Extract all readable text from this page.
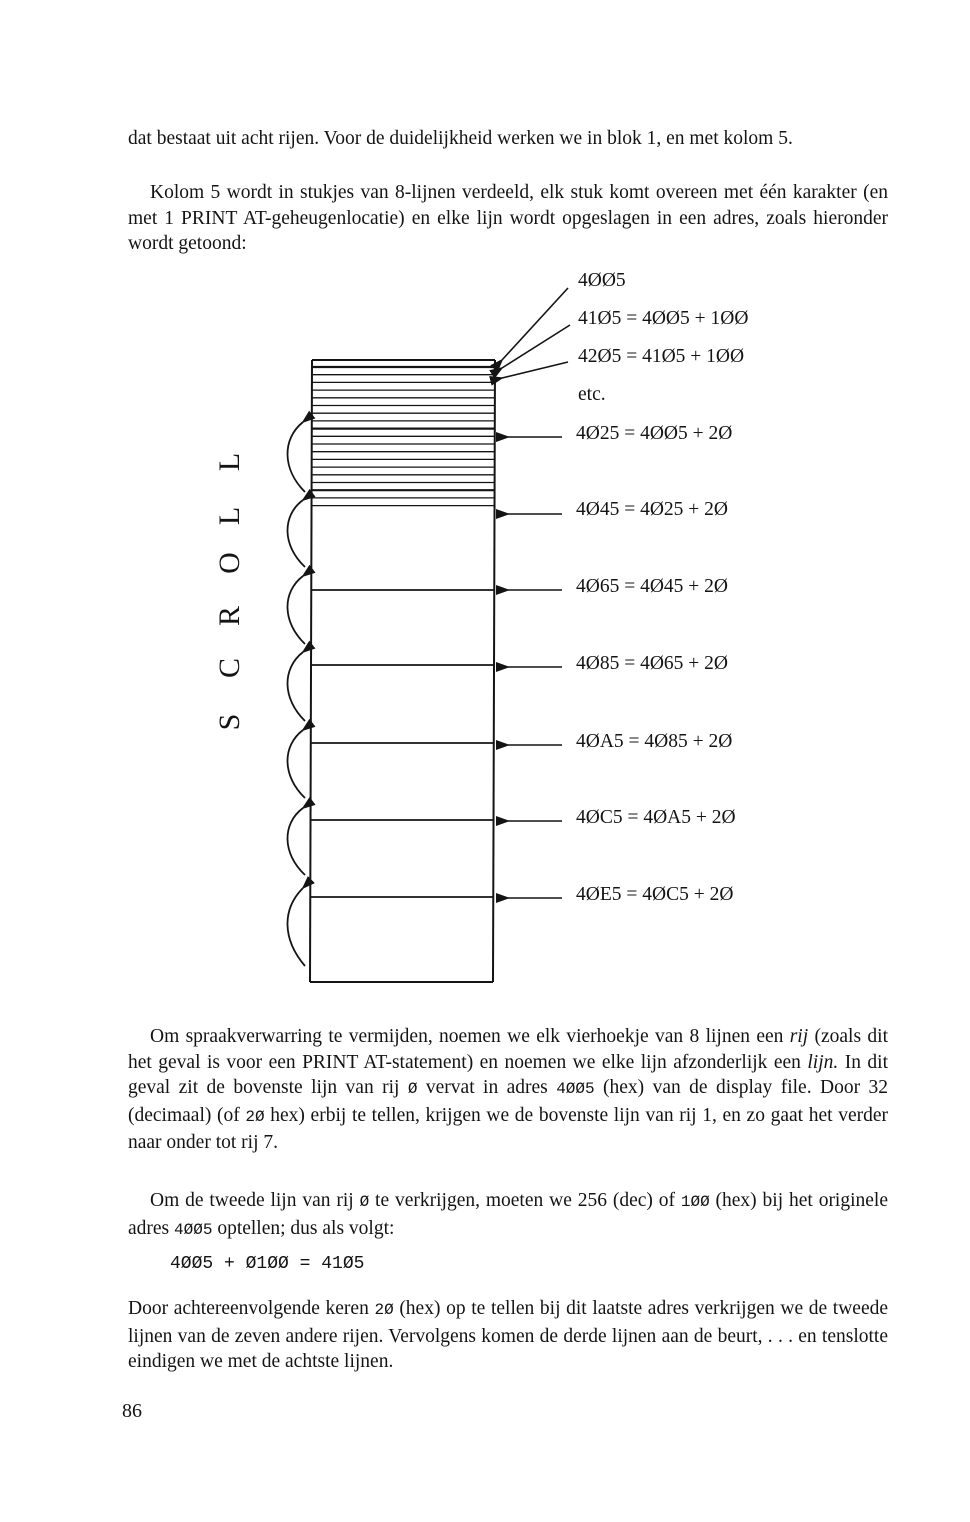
dat bestaat uit acht rijen. Voor de duidelijkheid werken we in blok 1, en met kolom 5.

Kolom 5 wordt in stukjes van 8-lijnen verdeeld, elk stuk komt overeen met één karakter (en met 1 PRINT AT-geheugenlocatie) en elke lijn wordt opgeslagen in een adres, zoals hieronder wordt getoond:

4ØØ5
41Ø5 = 4ØØ5 + 1ØØ
42Ø5 = 41Ø5 + 1ØØ
etc.
4Ø25 = 4ØØ5 + 2Ø
4Ø45 = 4Ø25 + 2Ø
4Ø65 = 4Ø45 + 2Ø
4Ø85 = 4Ø65 + 2Ø
4ØA5 = 4Ø85 + 2Ø
4ØC5 = 4ØA5 + 2Ø
4ØE5 = 4ØC5 + 2Ø
L
L
O
R
C
S

Om spraakverwarring te vermijden, noemen we elk vierhoekje van 8 lijnen een rij (zoals dit het geval is voor een PRINT AT-statement) en noemen we elke lijn afzonderlijk een lijn. In dit geval zit de bovenste lijn van rij Ø vervat in adres 4ØØ5 (hex) van de display file. Door 32 (decimaal) (of 2Ø hex) erbij te tellen, krijgen we de bovenste lijn van rij 1, en zo gaat het verder naar onder tot rij 7.

Om de tweede lijn van rij Ø te verkrijgen, moeten we 256 (dec) of 1ØØ (hex) bij het originele adres 4ØØ5 optellen; dus als volgt:

4ØØ5 + Ø1ØØ = 41Ø5

Door achtereenvolgende keren 2Ø (hex) op te tellen bij dit laatste adres verkrijgen we de tweede lijnen van de zeven andere rijen. Vervolgens komen de derde lijnen aan de beurt, . . . en tenslotte eindigen we met de achtste lijnen.

86
